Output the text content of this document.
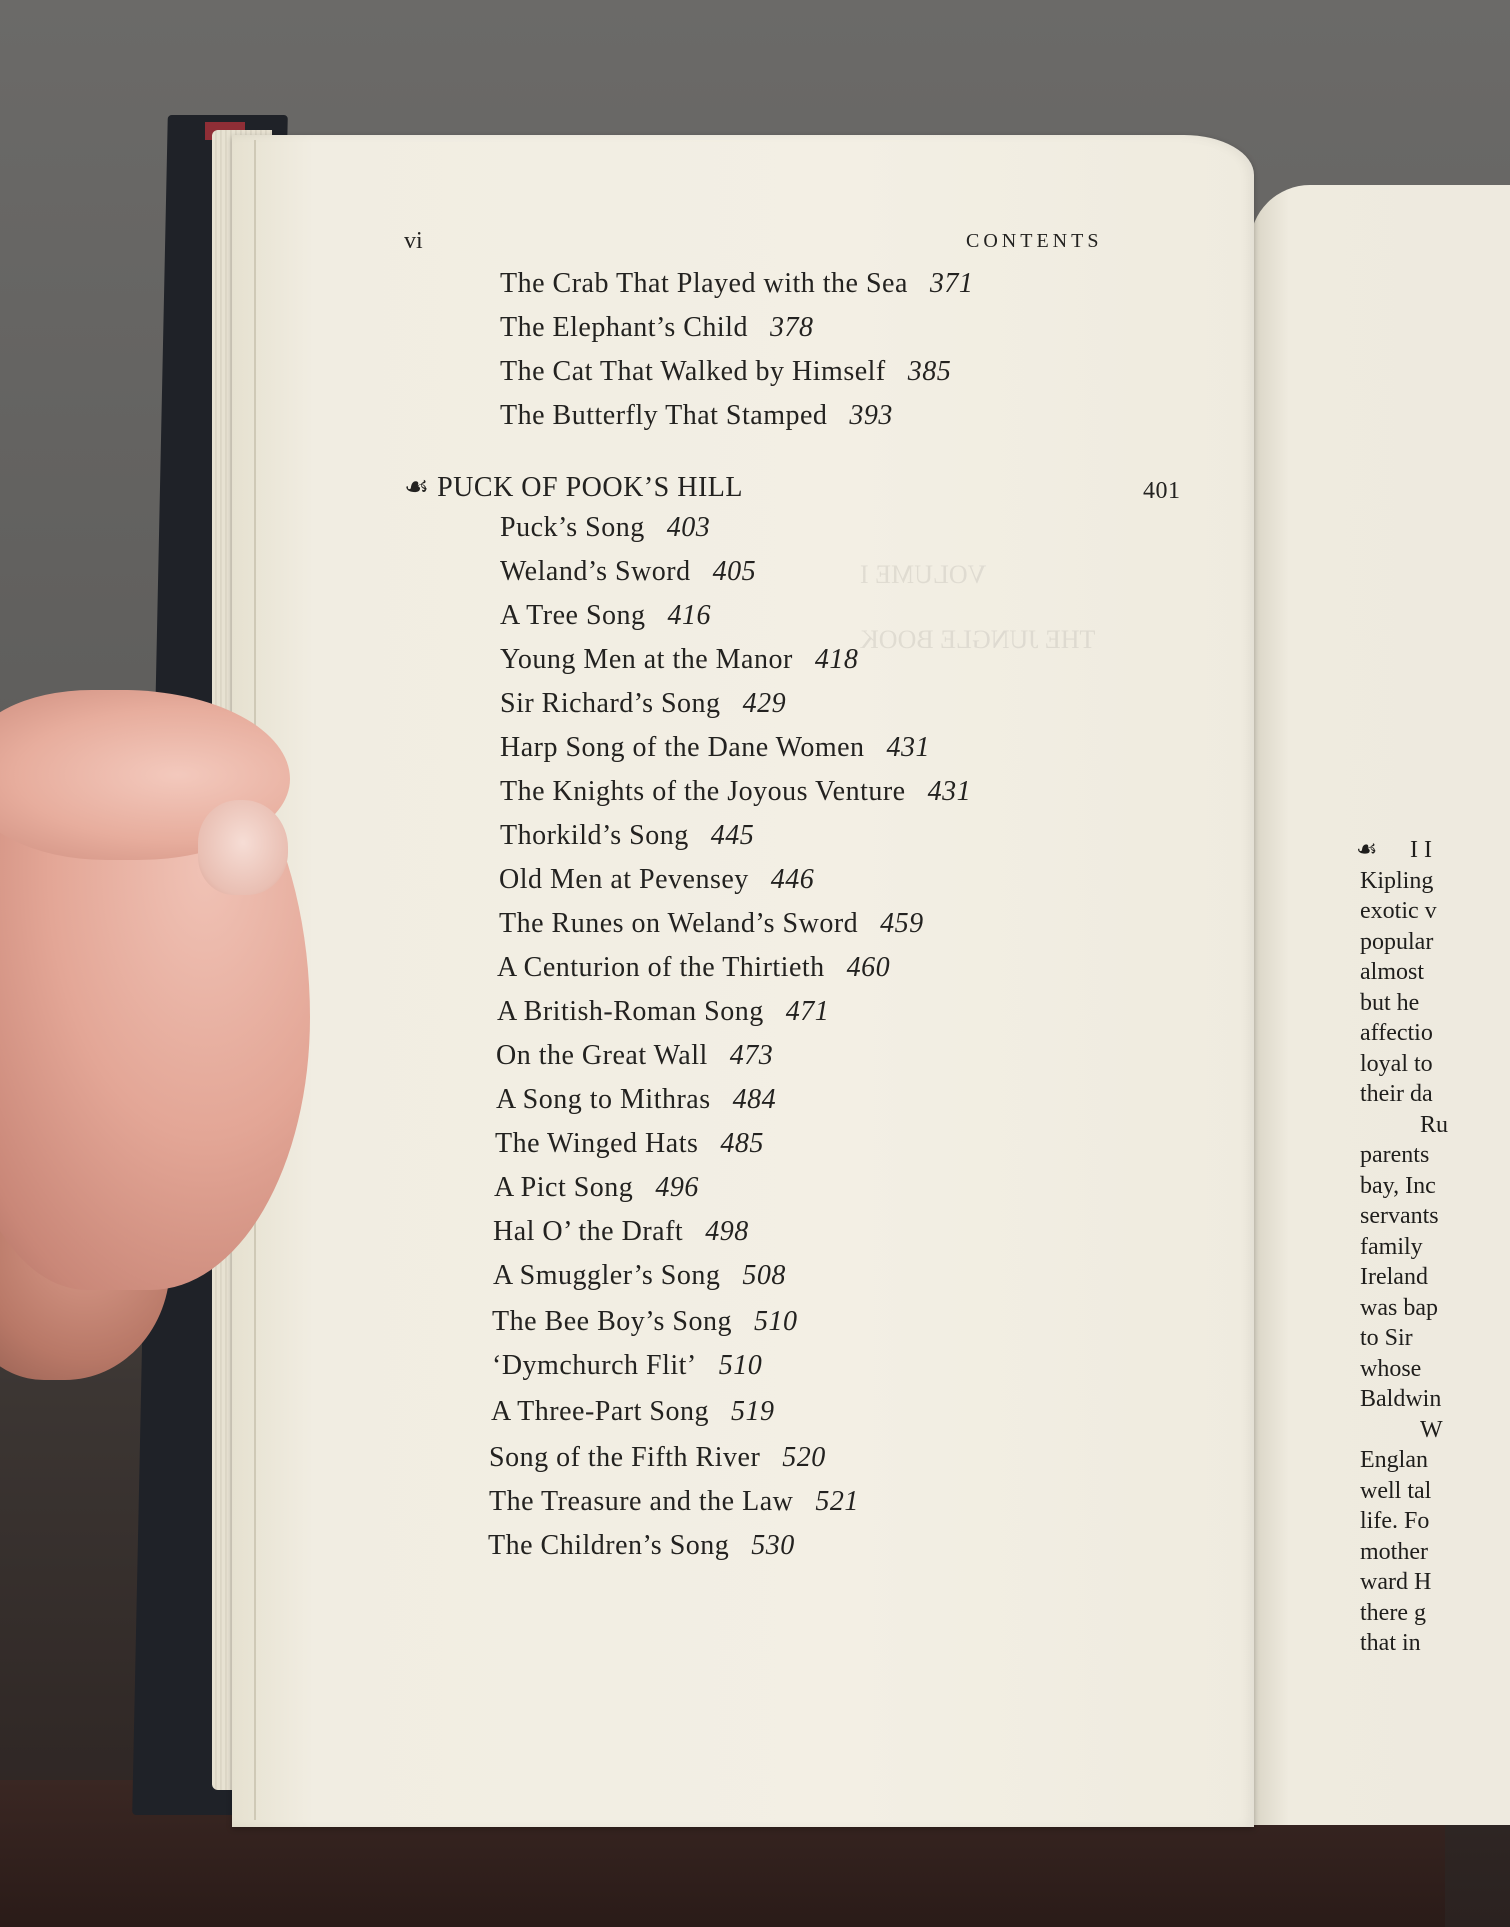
☙ I I
Kipling
exotic v
popular
almost
but he
affectio
loyal to
their da
Ru
parents
bay, Inc
servants
family
Ireland
was bap
to Sir
whose
Baldwin
W
Englan
well tal
life. Fo
mother
ward H
there g
that in
VOLUME I
THE JUNGLE BOOK
vi	CONTENTS
The Crab That Played with the Sea 371
The Elephant’s Child 378
The Cat That Walked by Himself 385
The Butterfly That Stamped 393
☙ PUCK OF POOK’S HILL	401
Puck’s Song 403
Weland’s Sword 405
A Tree Song 416
Young Men at the Manor 418
Sir Richard’s Song 429
Harp Song of the Dane Women 431
The Knights of the Joyous Venture 431
Thorkild’s Song 445
Old Men at Pevensey 446
The Runes on Weland’s Sword 459
A Centurion of the Thirtieth 460
A British-Roman Song 471
On the Great Wall 473
A Song to Mithras 484
The Winged Hats 485
A Pict Song 496
Hal O’ the Draft 498
A Smuggler’s Song 508
The Bee Boy’s Song 510
‘Dymchurch Flit’ 510
A Three-Part Song 519
Song of the Fifth River 520
The Treasure and the Law 521
The Children’s Song 530
